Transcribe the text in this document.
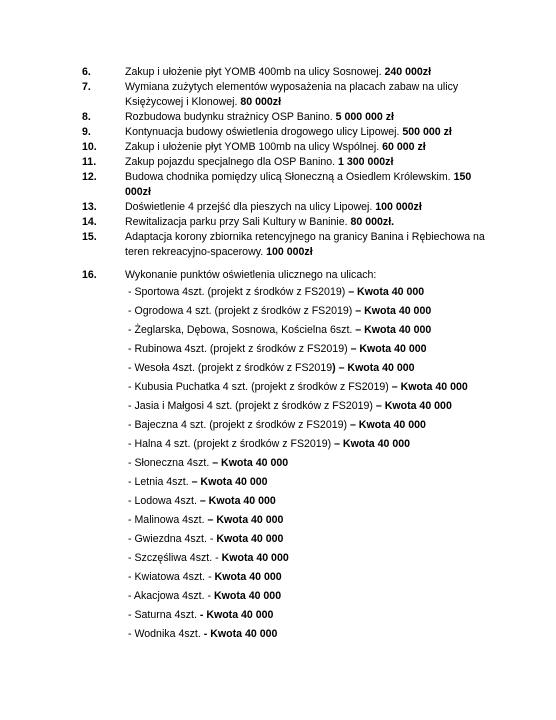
6.	Zakup i ułożenie płyt YOMB 400mb na ulicy Sosnowej. 240 000zł
7.	Wymiana zużytych elementów wyposażenia na placach zabaw na ulicy
Księżycowej i Klonowej. 80 000zł
8.	Rozbudowa budynku strażnicy OSP Banino. 5 000 000 zł
9.	Kontynuacja budowy oświetlenia drogowego ulicy Lipowej. 500 000 zł
10.	Zakup i ułożenie płyt YOMB 100mb na ulicy Wspólnej. 60 000 zł
11.	Zakup pojazdu specjalnego dla OSP Banino. 1 300 000zł
12.	Budowa chodnika pomiędzy ulicą Słoneczną a Osiedlem Królewskim. 150
000zł
13.	Doświetlenie 4 przejść dla pieszych na ulicy Lipowej. 100 000zł
14.	Rewitalizacja parku przy Sali Kultury w Baninie. 80 000zł.
15.	Adaptacja korony zbiornika retencyjnego na granicy Banina i Rębiechowa na
teren rekreacyjno-spacerowy. 100 000zł
16.	Wykonanie punktów oświetlenia ulicznego na ulicach:
- Sportowa 4szt. (projekt z środków z FS2019) – Kwota 40 000
- Ogrodowa 4 szt. (projekt z środków z FS2019) – Kwota 40 000
- Żeglarska, Dębowa, Sosnowa, Kościelna 6szt. – Kwota 40 000
- Rubinowa 4szt. (projekt z środków z FS2019) – Kwota 40 000
- Wesoła 4szt. (projekt z środków z FS2019) – Kwota 40 000
- Kubusia Puchatka 4 szt. (projekt z środków z FS2019) – Kwota 40 000
- Jasia i Małgosi 4 szt. (projekt z środków z FS2019) – Kwota 40 000
- Bajeczna 4 szt. (projekt z środków z FS2019) – Kwota 40 000
- Halna 4 szt. (projekt z środków z FS2019) – Kwota 40 000
- Słoneczna 4szt. – Kwota 40 000
- Letnia 4szt. – Kwota 40 000
- Lodowa 4szt. – Kwota 40 000
- Malinowa 4szt. – Kwota 40 000
- Gwiezdna 4szt. - Kwota 40 000
- Szczęśliwa 4szt. - Kwota 40 000
- Kwiatowa 4szt. - Kwota 40 000
- Akacjowa 4szt. - Kwota 40 000
- Saturna 4szt. - Kwota 40 000
- Wodnika 4szt. - Kwota 40 000
